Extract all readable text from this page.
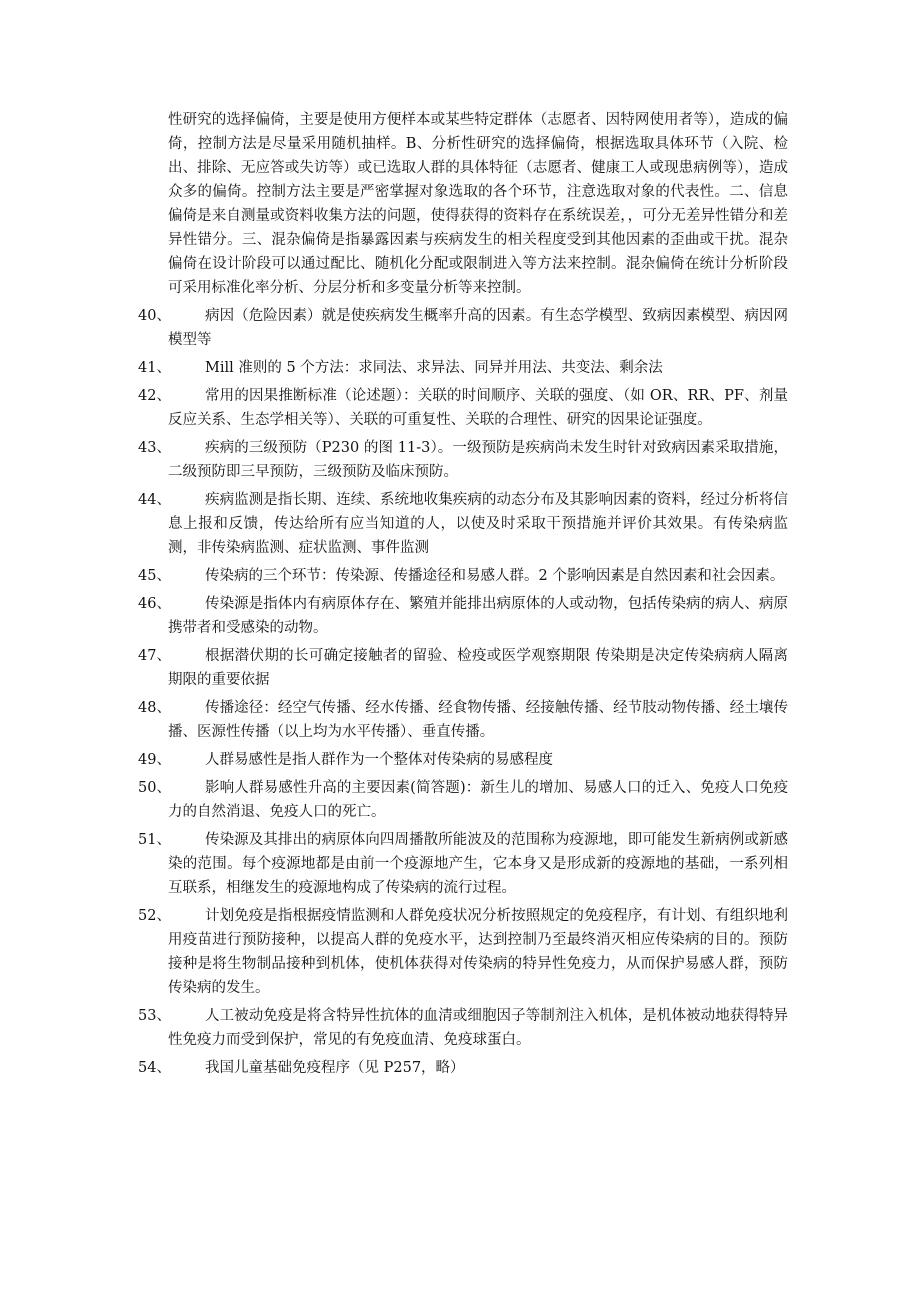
性研究的选择偏倚，主要是使用方便样本或某些特定群体（志愿者、因特网使用者等），造成的偏倚，控制方法是尽量采用随机抽样。B、分析性研究的选择偏倚，根据选取具体环节（入院、检出、排除、无应答或失访等）或已选取人群的具体特征（志愿者、健康工人或现患病例等），造成众多的偏倚。控制方法主要是严密掌握对象选取的各个环节，注意选取对象的代表性。二、信息偏倚是来自测量或资料收集方法的问题，使得获得的资料存在系统误差，，可分无差异性错分和差异性错分。三、混杂偏倚是指暴露因素与疾病发生的相关程度受到其他因素的歪曲或干扰。混杂偏倚在设计阶段可以通过配比、随机化分配或限制进入等方法来控制。混杂偏倚在统计分析阶段可采用标准化率分析、分层分析和多变量分析等来控制。
40、	病因（危险因素）就是使疾病发生概率升高的因素。有生态学模型、致病因素模型、病因网模型等
41、	Mill 准则的 5 个方法：求同法、求异法、同异并用法、共变法、剩余法
42、	常用的因果推断标准（论述题）：关联的时间顺序、关联的强度、（如 OR、RR、PF、剂量反应关系、生态学相关等）、关联的可重复性、关联的合理性、研究的因果论证强度。
43、	疾病的三级预防（P230 的图 11-3）。一级预防是疾病尚未发生时针对致病因素采取措施，二级预防即三早预防，三级预防及临床预防。
44、	疾病监测是指长期、连续、系统地收集疾病的动态分布及其影响因素的资料，经过分析将信息上报和反馈，传达给所有应当知道的人，以使及时采取干预措施并评价其效果。有传染病监测，非传染病监测、症状监测、事件监测
45、	传染病的三个环节：传染源、传播途径和易感人群。2 个影响因素是自然因素和社会因素。
46、	传染源是指体内有病原体存在、繁殖并能排出病原体的人或动物，包括传染病的病人、病原携带者和受感染的动物。
47、	根据潜伏期的长可确定接触者的留验、检疫或医学观察期限 传染期是决定传染病病人隔离期限的重要依据
48、	传播途径：经空气传播、经水传播、经食物传播、经接触传播、经节肢动物传播、经土壤传播、医源性传播（以上均为水平传播）、垂直传播。
49、	人群易感性是指人群作为一个整体对传染病的易感程度
50、	影响人群易感性升高的主要因素(简答题)：新生儿的增加、易感人口的迁入、免疫人口免疫力的自然消退、免疫人口的死亡。
51、	传染源及其排出的病原体向四周播散所能波及的范围称为疫源地，即可能发生新病例或新感染的范围。每个疫源地都是由前一个疫源地产生，它本身又是形成新的疫源地的基础，一系列相互联系，相继发生的疫源地构成了传染病的流行过程。
52、	计划免疫是指根据疫情监测和人群免疫状况分析按照规定的免疫程序，有计划、有组织地利用疫苗进行预防接种，以提高人群的免疫水平，达到控制乃至最终消灭相应传染病的目的。预防接种是将生物制品接种到机体，使机体获得对传染病的特异性免疫力，从而保护易感人群，预防传染病的发生。
53、	人工被动免疫是将含特异性抗体的血清或细胞因子等制剂注入机体，是机体被动地获得特异性免疫力而受到保护，常见的有免疫血清、免疫球蛋白。
54、	我国儿童基础免疫程序（见 P257，略）
